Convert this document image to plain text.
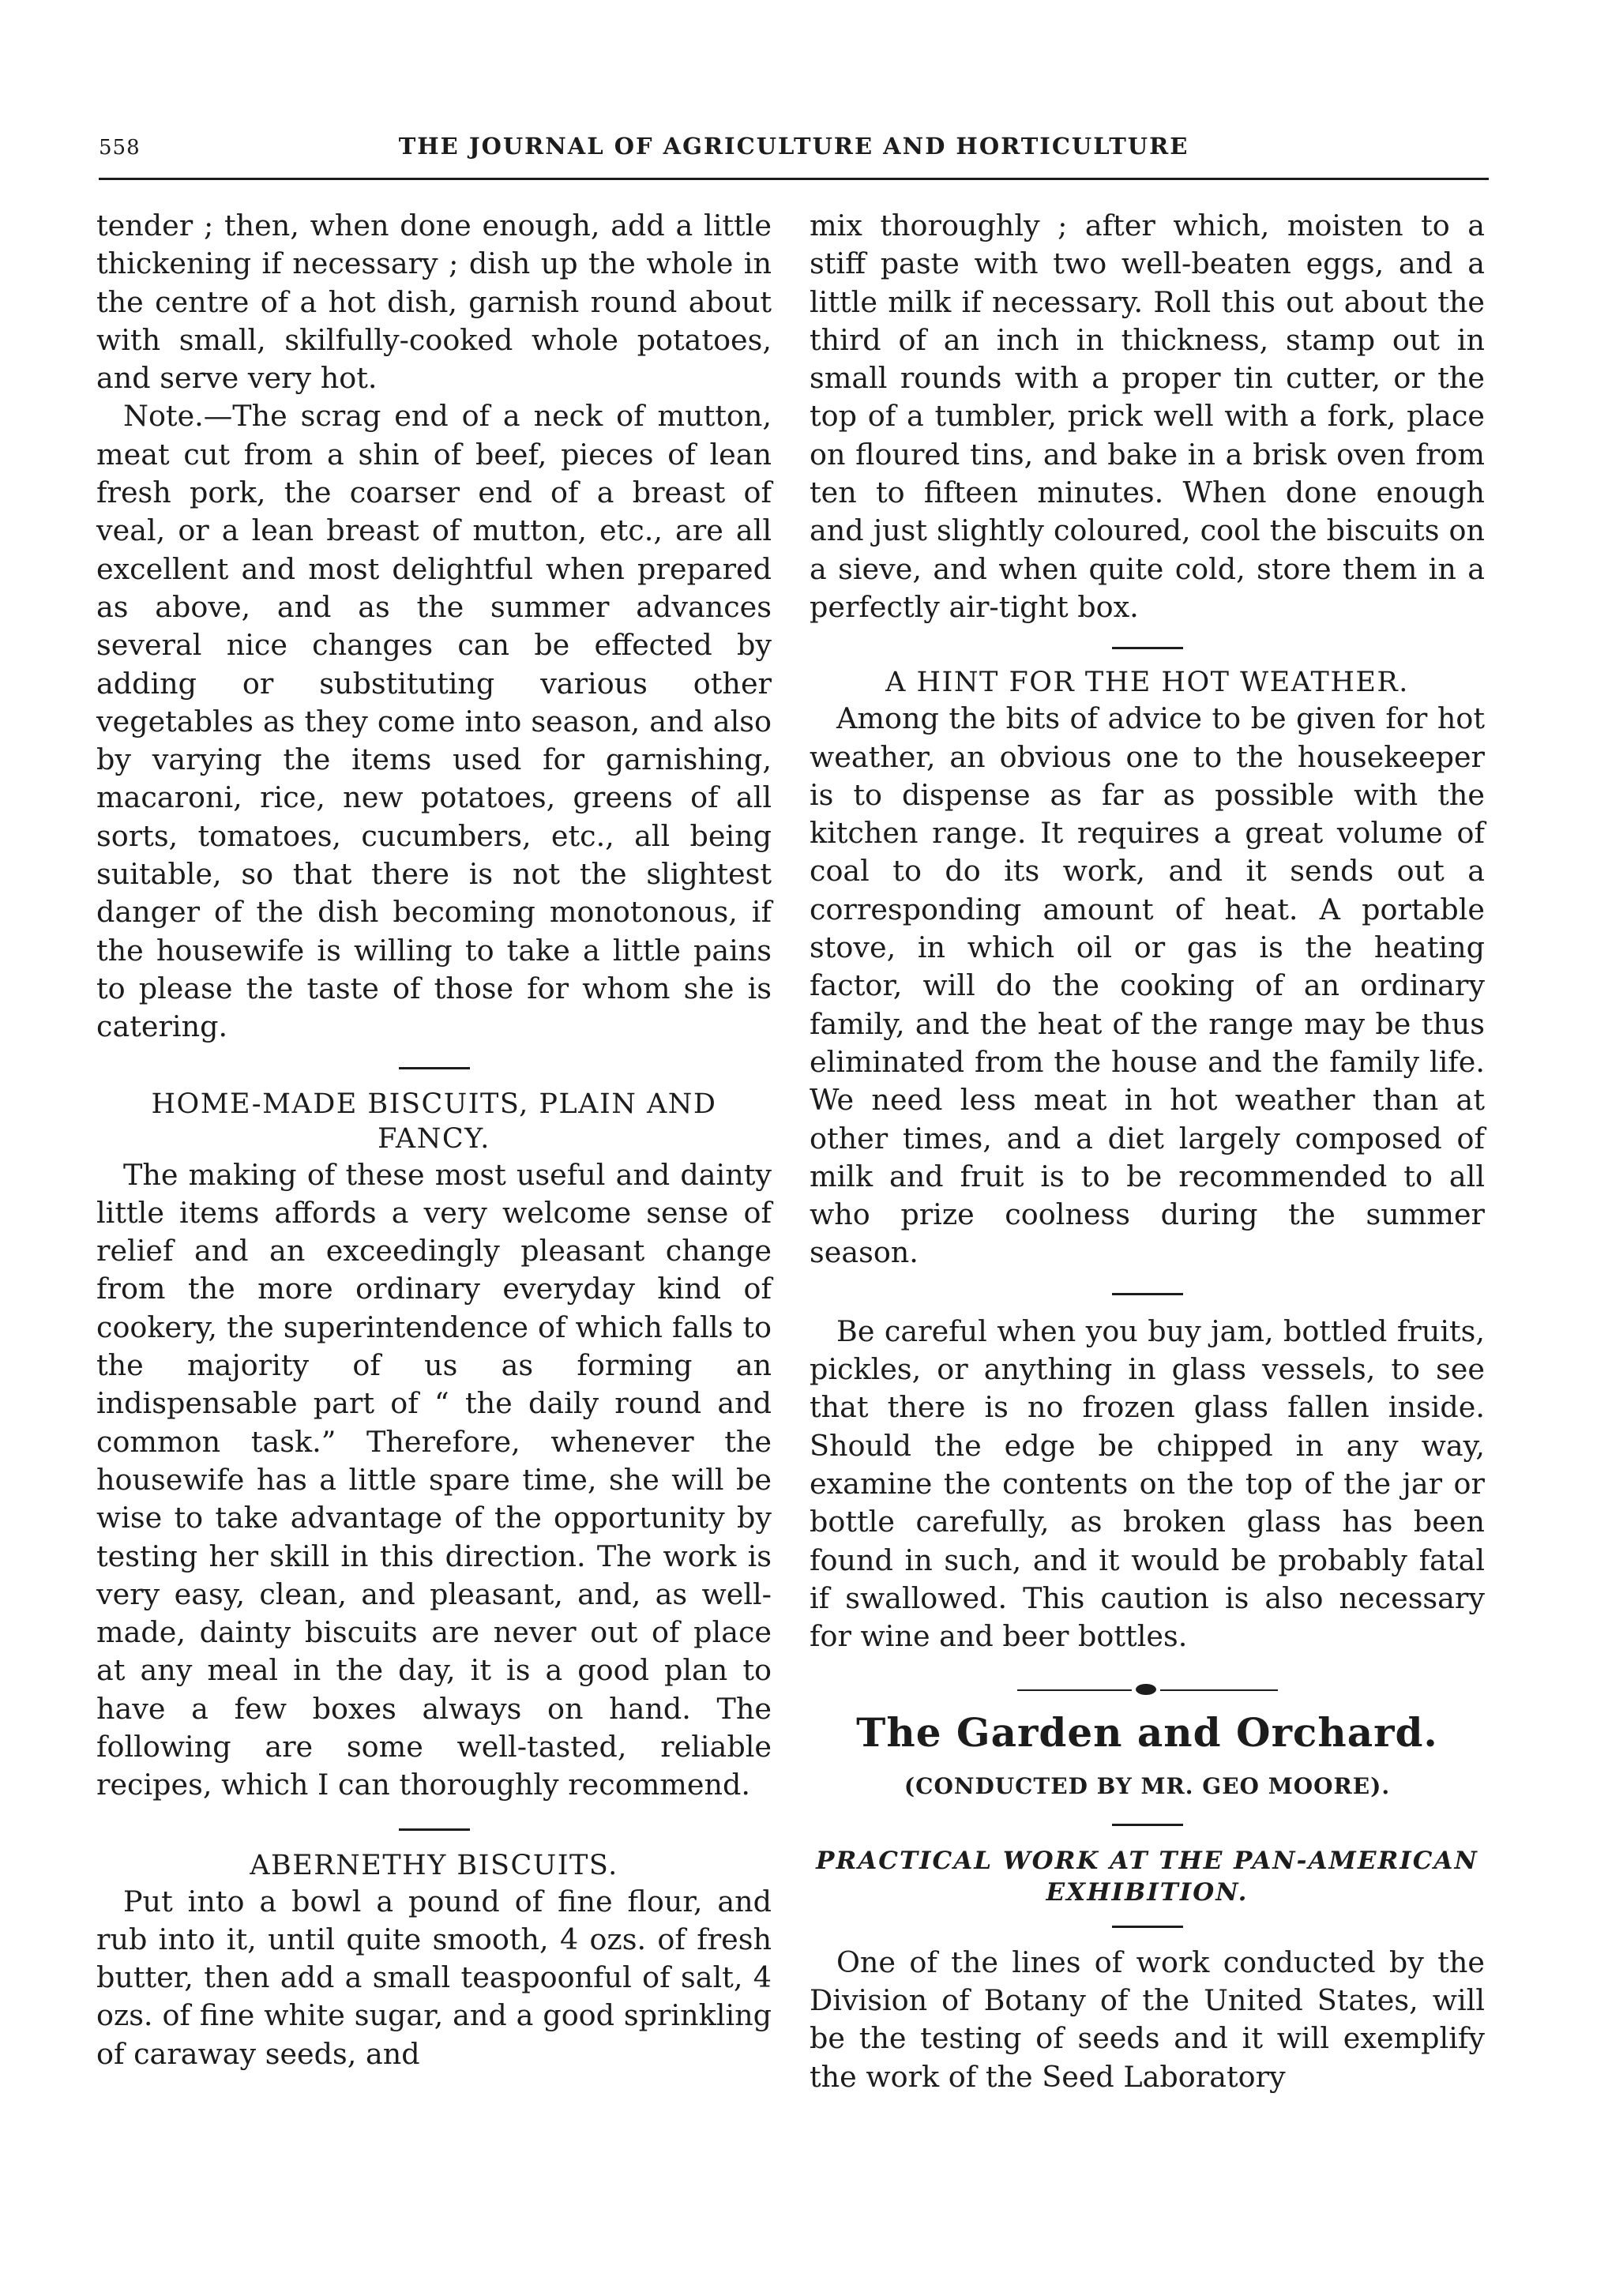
558	THE JOURNAL OF AGRICULTURE AND HORTICULTURE

tender ; then, when done enough, add a little thickening if necessary ; dish up the whole in the centre of a hot dish, garnish round about with small, skilfully-cooked whole potatoes, and serve very hot.

Note.—The scrag end of a neck of mutton, meat cut from a shin of beef, pieces of lean fresh pork, the coarser end of a breast of veal, or a lean breast of mutton, etc., are all excellent and most delightful when prepared as above, and as the summer advances several nice changes can be effected by adding or substituting various other vegetables as they come into season, and also by varying the items used for garnishing, macaroni, rice, new potatoes, greens of all sorts, tomatoes, cucumbers, etc., all being suitable, so that there is not the slightest danger of the dish becoming monotonous, if the housewife is willing to take a little pains to please the taste of those for whom she is catering.

HOME-MADE BISCUITS, PLAIN AND FANCY.

The making of these most useful and dainty little items affords a very welcome sense of relief and an exceedingly pleasant change from the more ordinary everyday kind of cookery, the superintendence of which falls to the majority of us as forming an indispensable part of “ the daily round and common task.” Therefore, whenever the housewife has a little spare time, she will be wise to take advantage of the opportunity by testing her skill in this direction. The work is very easy, clean, and pleasant, and, as well-made, dainty biscuits are never out of place at any meal in the day, it is a good plan to have a few boxes always on hand. The following are some well-tasted, reliable recipes, which I can thoroughly recommend.

ABERNETHY BISCUITS.

Put into a bowl a pound of fine flour, and rub into it, until quite smooth, 4 ozs. of fresh butter, then add a small teaspoonful of salt, 4 ozs. of fine white sugar, and a good sprinkling of caraway seeds, and

mix thoroughly ; after which, moisten to a stiff paste with two well-beaten eggs, and a little milk if necessary. Roll this out about the third of an inch in thickness, stamp out in small rounds with a proper tin cutter, or the top of a tumbler, prick well with a fork, place on floured tins, and bake in a brisk oven from ten to fifteen minutes. When done enough and just slightly coloured, cool the biscuits on a sieve, and when quite cold, store them in a perfectly air-tight box.

A HINT FOR THE HOT WEATHER.

Among the bits of advice to be given for hot weather, an obvious one to the housekeeper is to dispense as far as possible with the kitchen range. It requires a great volume of coal to do its work, and it sends out a corresponding amount of heat. A portable stove, in which oil or gas is the heating factor, will do the cooking of an ordinary family, and the heat of the range may be thus eliminated from the house and the family life. We need less meat in hot weather than at other times, and a diet largely composed of milk and fruit is to be recommended to all who prize coolness during the summer season.

Be careful when you buy jam, bottled fruits, pickles, or anything in glass vessels, to see that there is no frozen glass fallen inside. Should the edge be chipped in any way, examine the contents on the top of the jar or bottle carefully, as broken glass has been found in such, and it would be probably fatal if swallowed. This caution is also necessary for wine and beer bottles.

The Garden and Orchard.

(CONDUCTED BY MR. GEO MOORE).

PRACTICAL WORK AT THE PAN-AMERICAN EXHIBITION.

One of the lines of work conducted by the Division of Botany of the United States, will be the testing of seeds and it will exemplify the work of the Seed Laboratory
